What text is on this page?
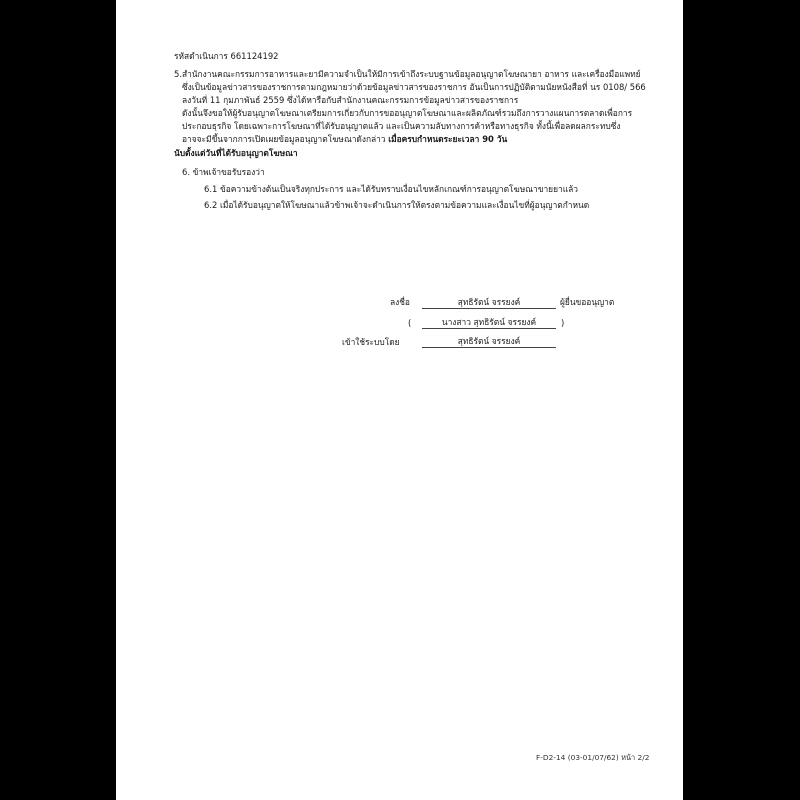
รหัสดำเนินการ 661124192
5.สำนักงานคณะกรรมการอาหารและยามีความจำเป็นให้มีการเข้าถึงระบบฐานข้อมูลอนุญาตโฆษณายา อาหาร และเครื่องมือแพทย์
ซึ่งเป็นข้อมูลข่าวสารของราชการตามกฎหมายว่าด้วยข้อมูลข่าวสารของราชการ อันเป็นการปฏิบัติตามนัยหนังสือที่ นร 0108/ 566
ลงวันที่ 11 กุมภาพันธ์ 2559 ซึ่งได้หารือกับสำนักงานคณะกรรมการข้อมูลข่าวสารของราชการ
ดังนั้นจึงขอให้ผู้รับอนุญาตโฆษณาเตรียมการเกี่ยวกับการขออนุญาตโฆษณาและผลิตภัณฑ์รวมถึงการวางแผนการตลาดเพื่อการ
ประกอบธุรกิจ โดยเฉพาะการโฆษณาที่ได้รับอนุญาตแล้ว และเป็นความลับทางการค้าหรือทางธุรกิจ ทั้งนี้เพื่อลดผลกระทบซึ่ง
อาจจะมีขึ้นจากการเปิดเผยข้อมูลอนุญาตโฆษณาดังกล่าว เมื่อครบกำหนดระยะเวลา 90 วัน
นับตั้งแต่วันที่ได้รับอนุญาตโฆษณา
6. ข้าพเจ้าขอรับรองว่า
6.1 ข้อความข้างต้นเป็นจริงทุกประการ และได้รับทราบเงื่อนไขหลักเกณฑ์การอนุญาตโฆษณาขายยาแล้ว
6.2 เมื่อได้รับอนุญาตให้โฆษณาแล้วข้าพเจ้าจะดำเนินการให้ตรงตามข้อความและเงื่อนไขที่ผู้อนุญาตกำหนด
ลงชื่อ	สุทธิรัตน์ จรรยงค์	ผู้ยื่นขออนุญาต
(	นางสาว สุทธิรัตน์ จรรยงค์	)
เข้าใช้ระบบโดย	สุทธิรัตน์ จรรยงค์
F-D2-14 (03-01/07/62) หน้า 2/2
